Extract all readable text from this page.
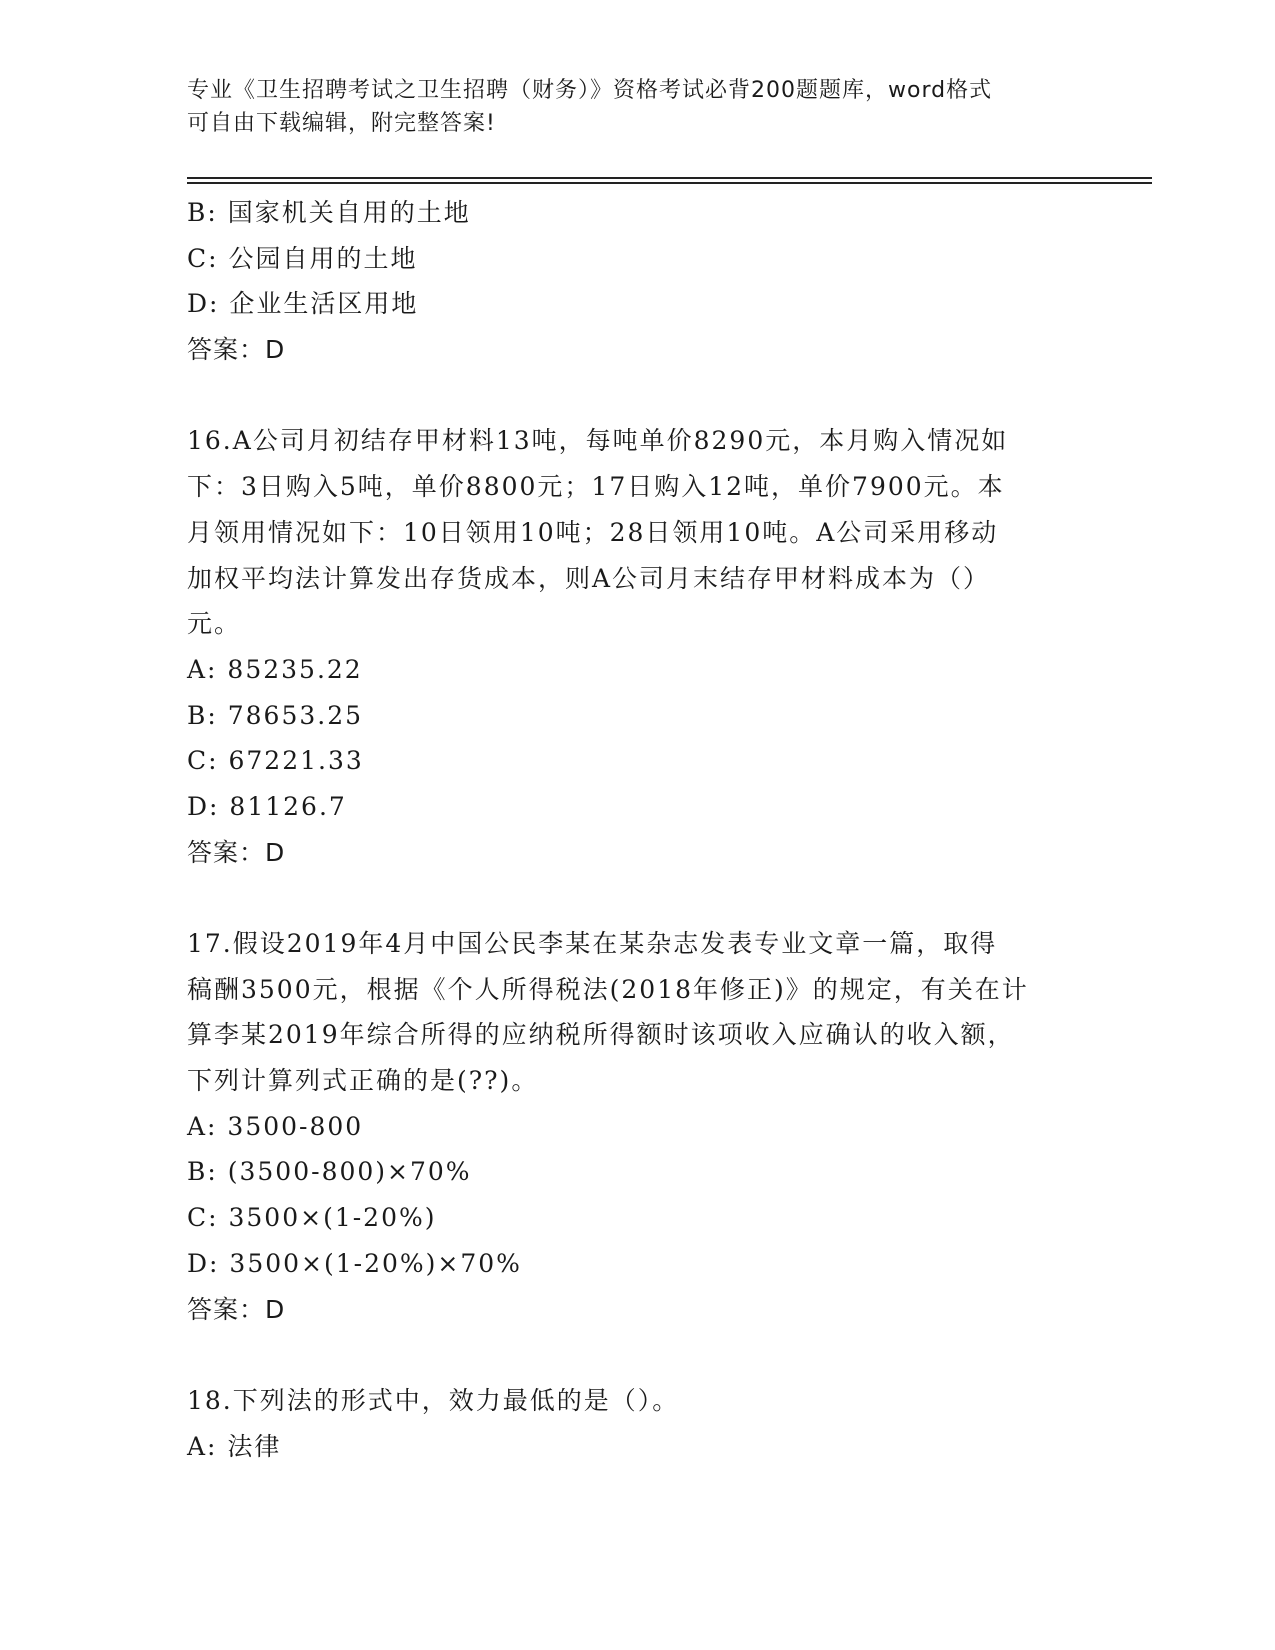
专业《卫生招聘考试之卫生招聘（财务）》资格考试必背200题题库，word格式
可自由下载编辑，附完整答案!
B: 国家机关自用的土地
C: 公园自用的土地
D: 企业生活区用地
答案：D
16.A公司月初结存甲材料13吨，每吨单价8290元，本月购入情况如
下：3日购入5吨，单价8800元；17日购入12吨，单价7900元。本
月领用情况如下：10日领用10吨；28日领用10吨。A公司采用移动
加权平均法计算发出存货成本，则A公司月末结存甲材料成本为（）
元。
A: 85235.22
B: 78653.25
C: 67221.33
D: 81126.7
答案：D
17.假设2019年4月中国公民李某在某杂志发表专业文章一篇，取得
稿酬3500元，根据《个人所得税法(2018年修正)》的规定，有关在计
算李某2019年综合所得的应纳税所得额时该项收入应确认的收入额，
下列计算列式正确的是(??)。
A: 3500-800
B: (3500-800)×70%
C: 3500×(1-20%)
D: 3500×(1-20%)×70%
答案：D
18.下列法的形式中，效力最低的是（）。
A: 法律
